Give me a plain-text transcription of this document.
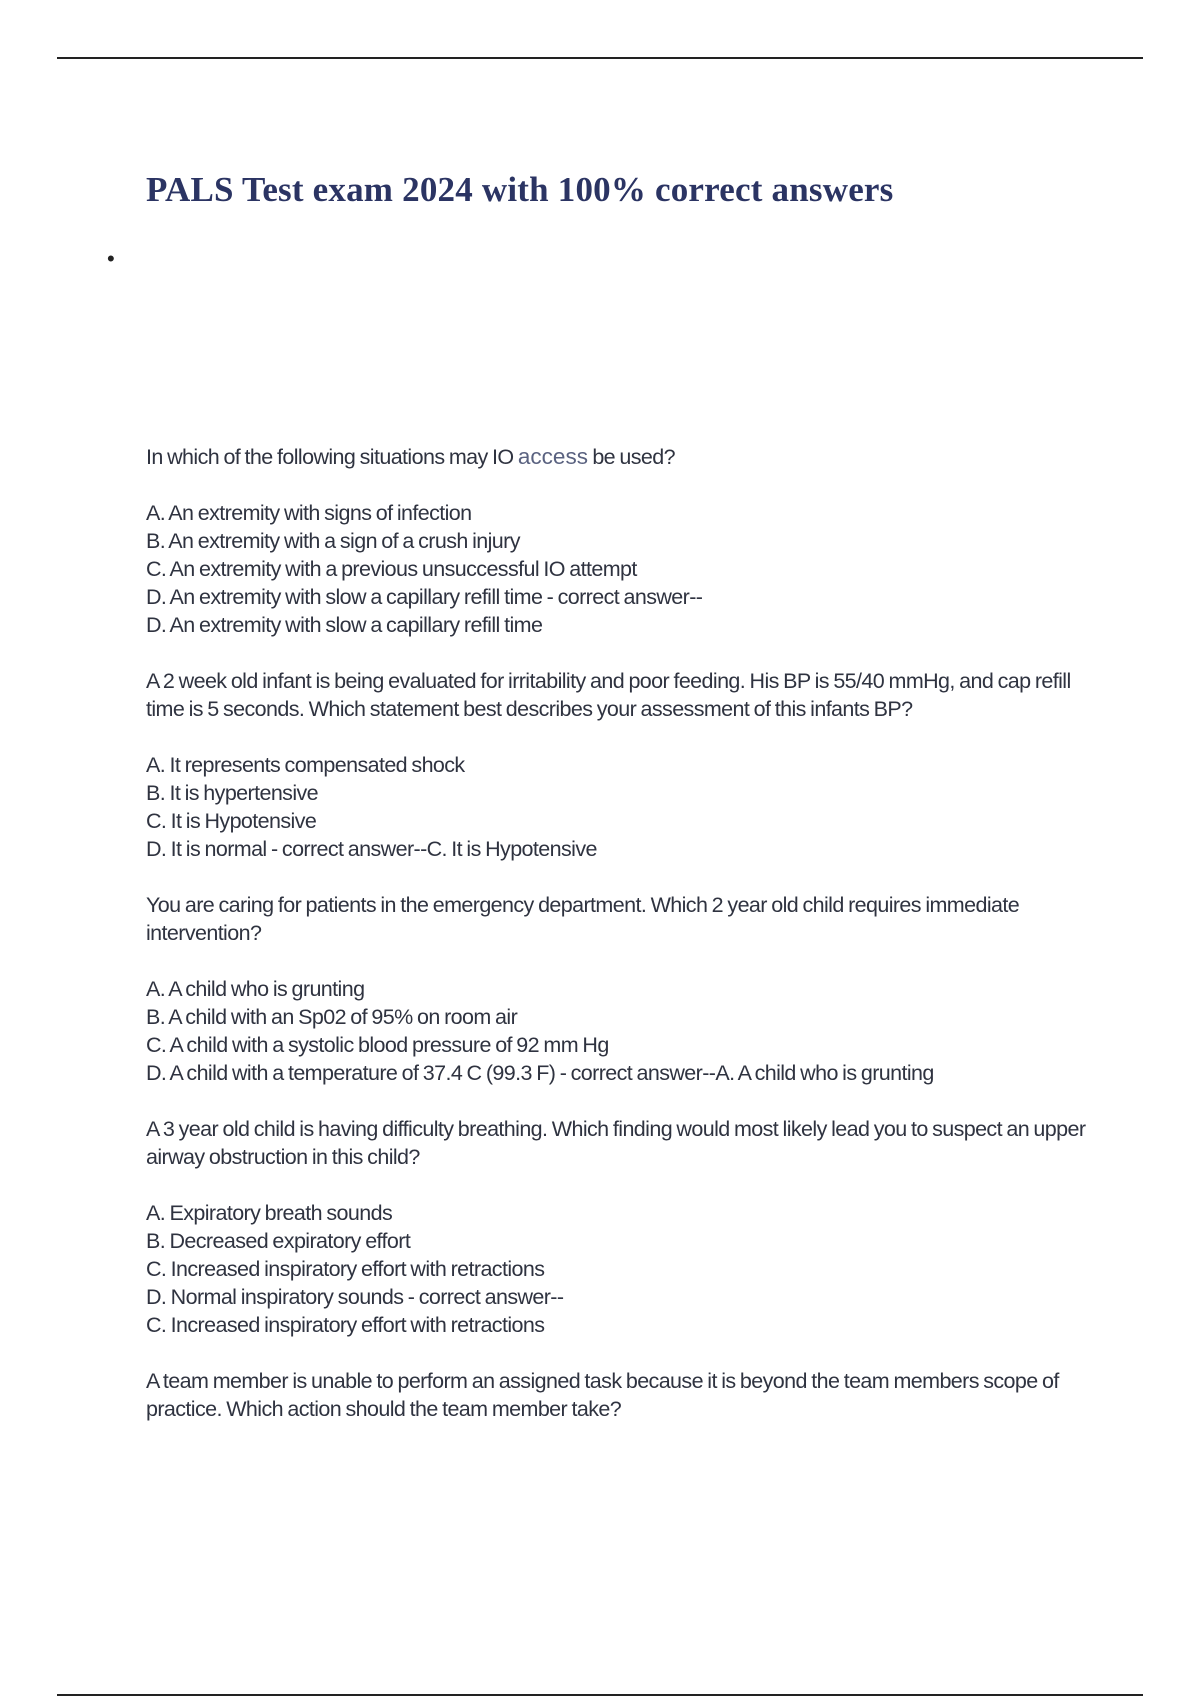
PALS Test exam 2024 with 100% correct answers
•

In which of the following situations may IO access be used?

A. An extremity with signs of infection
B. An extremity with a sign of a crush injury
C. An extremity with a previous unsuccessful IO attempt
D. An extremity with slow a capillary refill time - correct answer--
D. An extremity with slow a capillary refill time

A 2 week old infant is being evaluated for irritability and poor feeding. His BP is 55/40 mmHg, and cap refill time is 5 seconds. Which statement best describes your assessment of this infants BP?

A. It represents compensated shock
B. It is hypertensive
C. It is Hypotensive
D. It is normal - correct answer--C. It is Hypotensive

You are caring for patients in the emergency department. Which 2 year old child requires immediate intervention?

A. A child who is grunting
B. A child with an Sp02 of 95% on room air
C. A child with a systolic blood pressure of 92 mm Hg
D. A child with a temperature of 37.4 C (99.3 F) - correct answer--A. A child who is grunting

A 3 year old child is having difficulty breathing. Which finding would most likely lead you to suspect an upper airway obstruction in this child?

A. Expiratory breath sounds
B. Decreased expiratory effort
C. Increased inspiratory effort with retractions
D. Normal inspiratory sounds - correct answer--
C. Increased inspiratory effort with retractions

A team member is unable to perform an assigned task because it is beyond the team members scope of practice. Which action should the team member take?
